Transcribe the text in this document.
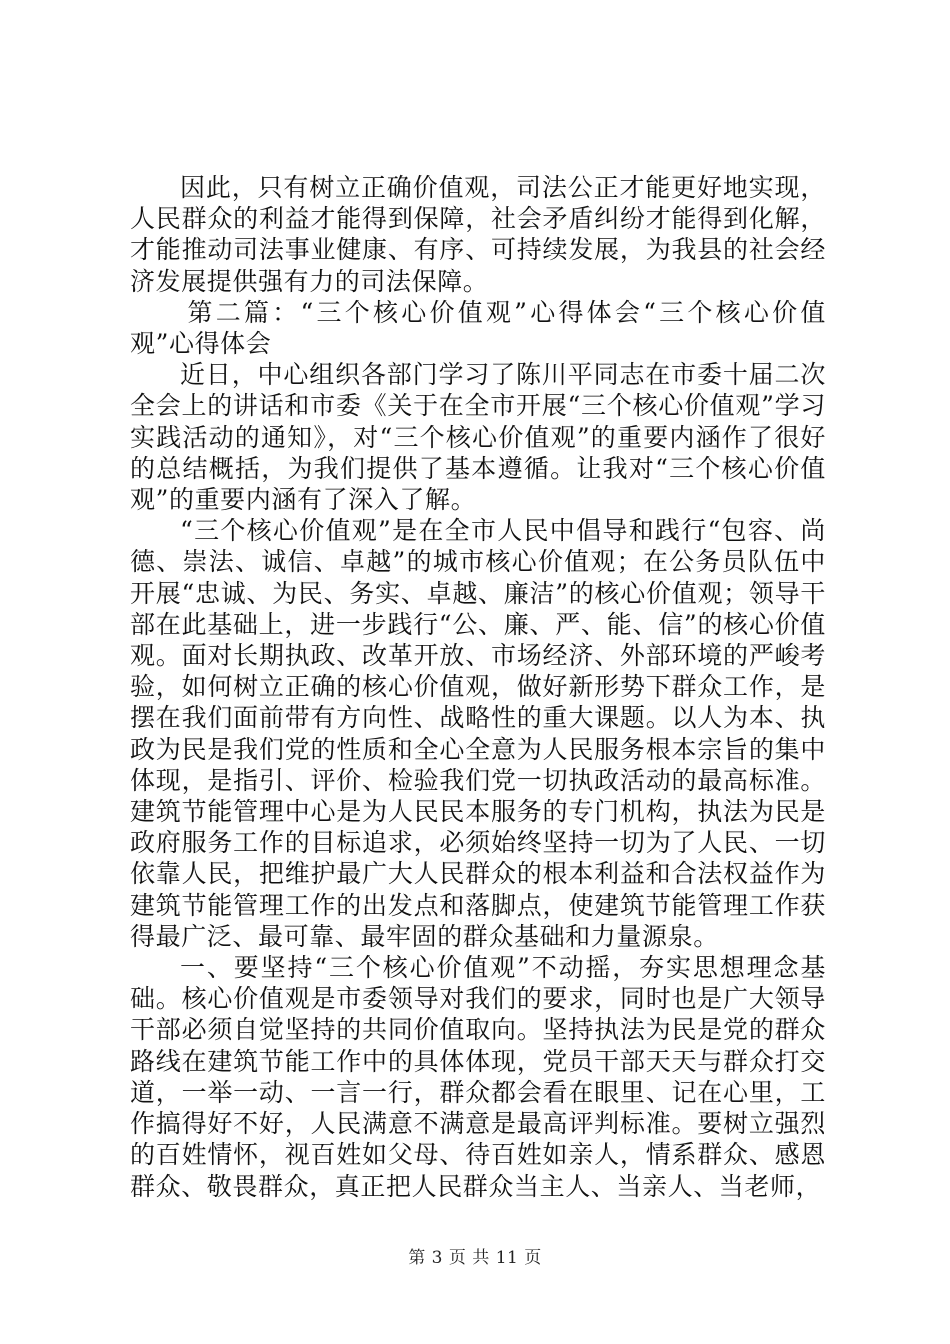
因此，只有树立正确价值观，司法公正才能更好地实现，人民群众的利益才能得到保障，社会矛盾纠纷才能得到化解，才能推动司法事业健康、有序、可持续发展，为我县的社会经济发展提供强有力的司法保障。

第二篇：“三个核心价值观”心得体会“三个核心价值观”心得体会

近日，中心组织各部门学习了陈川平同志在市委十届二次全会上的讲话和市委《关于在全市开展“三个核心价值观”学习实践活动的通知》，对“三个核心价值观”的重要内涵作了很好的总结概括，为我们提供了基本遵循。让我对“三个核心价值观”的重要内涵有了深入了解。

“三个核心价值观”是在全市人民中倡导和践行“包容、尚德、崇法、诚信、卓越”的城市核心价值观；在公务员队伍中开展“忠诚、为民、务实、卓越、廉洁”的核心价值观；领导干部在此基础上，进一步践行“公、廉、严、能、信”的核心价值观。面对长期执政、改革开放、市场经济、外部环境的严峻考验，如何树立正确的核心价值观，做好新形势下群众工作，是摆在我们面前带有方向性、战略性的重大课题。以人为本、执政为民是我们党的性质和全心全意为人民服务根本宗旨的集中体现，是指引、评价、检验我们党一切执政活动的最高标准。建筑节能管理中心是为人民民本服务的专门机构，执法为民是政府服务工作的目标追求，必须始终坚持一切为了人民、一切依靠人民，把维护最广大人民群众的根本利益和合法权益作为建筑节能管理工作的出发点和落脚点，使建筑节能管理工作获得最广泛、最可靠、最牢固的群众基础和力量源泉。

一、要坚持“三个核心价值观”不动摇，夯实思想理念基础。核心价值观是市委领导对我们的要求，同时也是广大领导干部必须自觉坚持的共同价值取向。坚持执法为民是党的群众路线在建筑节能工作中的具体体现，党员干部天天与群众打交道，一举一动、一言一行，群众都会看在眼里、记在心里，工作搞得好不好，人民满意不满意是最高评判标准。要树立强烈的百姓情怀，视百姓如父母、待百姓如亲人，情系群众、感恩群众、敬畏群众，真正把人民群众当主人、当亲人、当老师，

第 3 页 共 11 页
